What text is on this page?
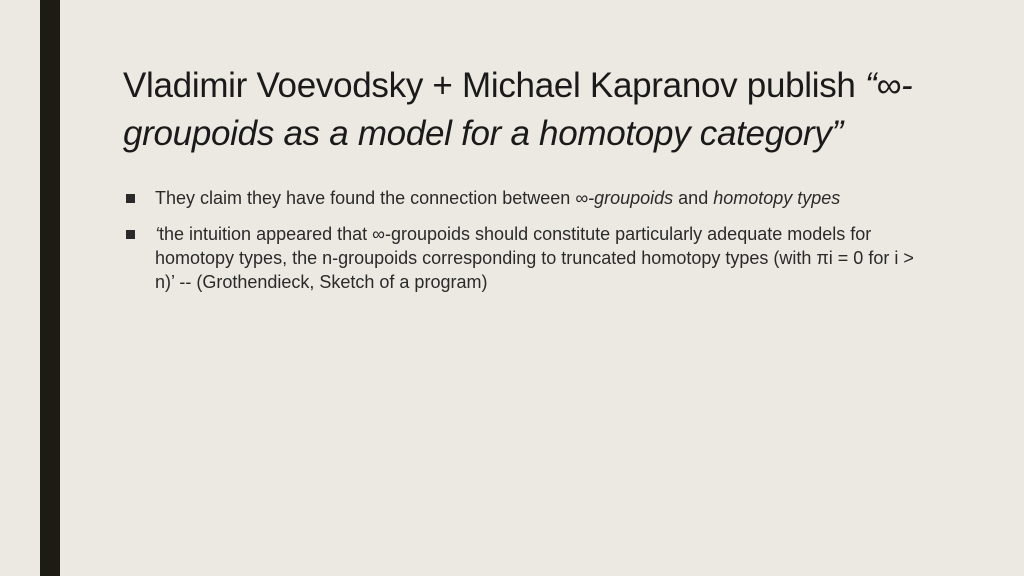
Vladimir Voevodsky + Michael Kapranov publish “∞-groupoids as a model for a homotopy category”
They claim they have found the connection between ∞-groupoids and homotopy types
‘the intuition appeared that ∞-groupoids should constitute particularly adequate models for homotopy types, the n-groupoids corresponding to truncated homotopy types (with πi = 0 for i > n)’ -- (Grothendieck, Sketch of a program)
